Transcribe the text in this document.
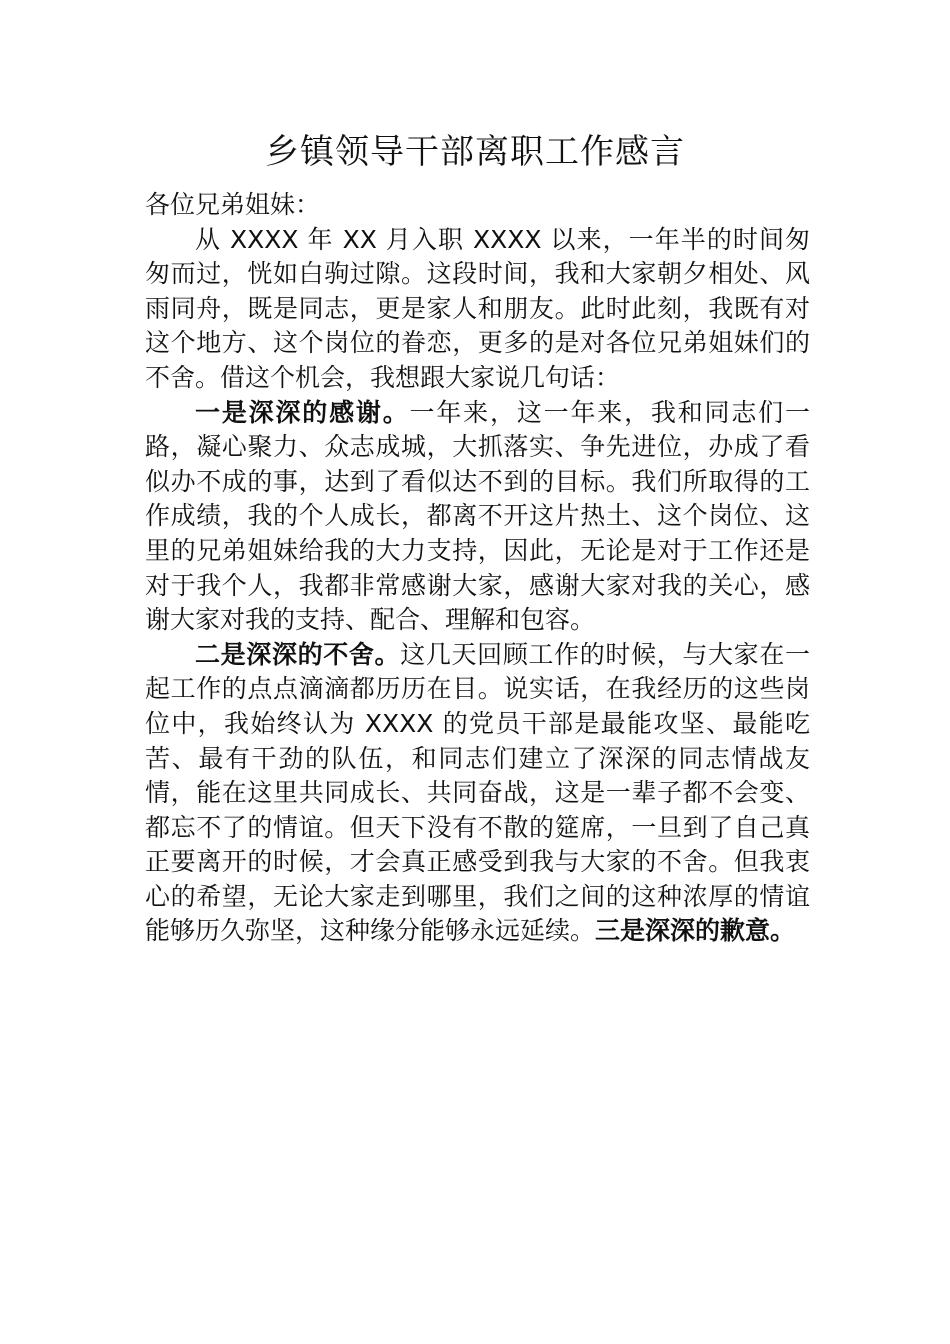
乡镇领导干部离职工作感言

各位兄弟姐妹：

从 XXXX 年 XX 月入职 XXXX 以来，一年半的时间匆匆而过，恍如白驹过隙。这段时间，我和大家朝夕相处、风雨同舟，既是同志，更是家人和朋友。此时此刻，我既有对这个地方、这个岗位的眷恋，更多的是对各位兄弟姐妹们的不舍。借这个机会，我想跟大家说几句话：

一是深深的感谢。一年来，这一年来，我和同志们一路，凝心聚力、众志成城，大抓落实、争先进位，办成了看似办不成的事，达到了看似达不到的目标。我们所取得的工作成绩，我的个人成长，都离不开这片热土、这个岗位、这里的兄弟姐妹给我的大力支持，因此，无论是对于工作还是对于我个人，我都非常感谢大家，感谢大家对我的关心，感谢大家对我的支持、配合、理解和包容。

二是深深的不舍。这几天回顾工作的时候，与大家在一起工作的点点滴滴都历历在目。说实话，在我经历的这些岗位中，我始终认为 XXXX 的党员干部是最能攻坚、最能吃苦、最有干劲的队伍，和同志们建立了深深的同志情战友情，能在这里共同成长、共同奋战，这是一辈子都不会变、都忘不了的情谊。但天下没有不散的筵席，一旦到了自己真正要离开的时候，才会真正感受到我与大家的不舍。但我衷心的希望，无论大家走到哪里，我们之间的这种浓厚的情谊能够历久弥坚，这种缘分能够永远延续。三是深深的歉意。
